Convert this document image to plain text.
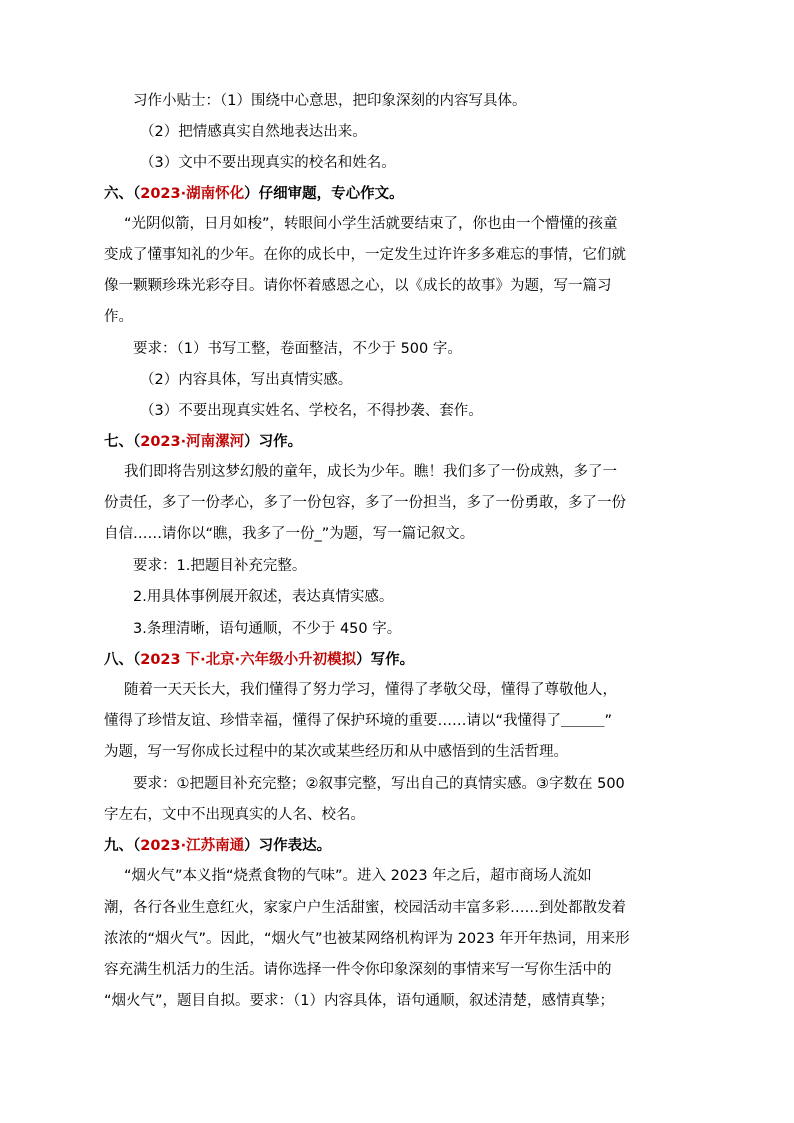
习作小贴士：（1）围绕中心意思，把印象深刻的内容写具体。
（2）把情感真实自然地表达出来。
（3）文中不要出现真实的校名和姓名。
六、（2023·湖南怀化）仔细审题，专心作文。
“光阴似箭，日月如梭”，转眼间小学生活就要结束了，你也由一个懵懂的孩童
变成了懂事知礼的少年。在你的成长中，一定发生过许许多多难忘的事情，它们就
像一颗颗珍珠光彩夺目。请你怀着感恩之心，以《成长的故事》为题，写一篇习
作。
要求：（1）书写工整，卷面整洁，不少于 500 字。
（2）内容具体，写出真情实感。
（3）不要出现真实姓名、学校名，不得抄袭、套作。
七、（2023·河南漯河）习作。
我们即将告别这梦幻般的童年，成长为少年。瞧！我们多了一份成熟，多了一
份责任，多了一份孝心，多了一份包容，多了一份担当，多了一份勇敢，多了一份
自信……请你以“瞧，我多了一份_”为题，写一篇记叙文。
要求：1.把题目补充完整。
2.用具体事例展开叙述，表达真情实感。
3.条理清晰，语句通顺，不少于 450 字。
八、（2023 下·北京·六年级小升初模拟）写作。
随着一天天长大，我们懂得了努力学习，懂得了孝敬父母，懂得了尊敬他人，
懂得了珍惜友谊、珍惜幸福，懂得了保护环境的重要……请以“我懂得了＿＿＿”
为题，写一写你成长过程中的某次或某些经历和从中感悟到的生活哲理。
要求：①把题目补充完整；②叙事完整，写出自己的真情实感。③字数在 500
字左右，文中不出现真实的人名、校名。
九、（2023·江苏南通）习作表达。
“烟火气”本义指“烧煮食物的气味”。进入 2023 年之后，超市商场人流如
潮，各行各业生意红火，家家户户生活甜蜜，校园活动丰富多彩……到处都散发着
浓浓的“烟火气”。因此，“烟火气”也被某网络机构评为 2023 年开年热词，用来形
容充满生机活力的生活。请你选择一件令你印象深刻的事情来写一写你生活中的
“烟火气”，题目自拟。要求：（1）内容具体，语句通顺，叙述清楚，感情真挚；
